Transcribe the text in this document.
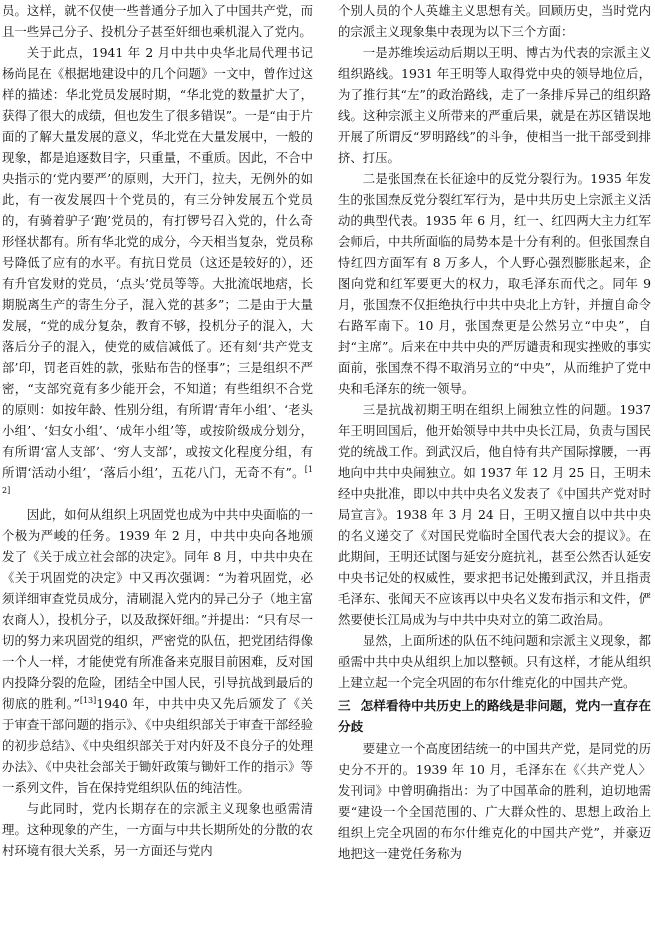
员。这样，就不仅使一些普通分子加入了中国共产党，而且一些异己分子、投机分子甚至奸细也乘机混入了党内。

关于此点，1941 年 2 月中共中央华北局代理书记杨尚昆在《根据地建设中的几个问题》一文中，曾作过这样的描述：华北党员发展时期，“华北党的数量扩大了，获得了很大的成绩，但也发生了很多错误”。一是“由于片面的了解大量发展的意义，华北党在大量发展中，一般的现象，都是追逐数目字，只重量，不重质。因此，不合中央指示的‘党内要严’的原则，大开门，拉夫，无例外的如此，有一夜发展四十个党员的，有三分钟发展五个党员的，有骑着驴子‘跑’党员的，有打锣号召入党的，什么奇形怪状都有。所有华北党的成分，今天相当复杂，党员称号降低了应有的水平。有抗日党员（这还是较好的），还有升官发财的党员，‘点头’党员等等。大批流氓地痞，长期脱离生产的寄生分子，混入党的甚多”；二是由于大量发展，“党的成分复杂，教育不够，投机分子的混入，大落后分子的混入，使党的威信减低了。还有刻‘共产党支部’印，罚老百姓的款，张贴布告的怪事”；三是组织不严密，“支部究竟有多少能开会，不知道；有些组织不合党的原则：如按年龄、性别分组，有所谓‘青年小组’、‘老头小组’、‘妇女小组’、‘成年小组’等，或按阶级成分划分，有所谓‘富人支部’、‘穷人支部’，或按文化程度分组，有所谓‘活动小组’，‘落后小组’，五花八门，无奇不有”。[12]

因此，如何从组织上巩固党也成为中共中央面临的一个极为严峻的任务。1939 年 2 月，中共中央向各地颁发了《关于成立社会部的决定》。同年 8 月，中共中央在《关于巩固党的决定》中又再次强调：“为着巩固党，必须详细审查党员成分，清刷混入党内的异己分子（地主富农商人），投机分子，以及敌探奸细。”并提出：“只有尽一切的努力来巩固党的组织，严密党的队伍，把党团结得像一个人一样，才能使党有所准备来克服目前困难，反对国内投降分裂的危险，团结全中国人民，引导抗战到最后的彻底的胜利。”[13]1940 年，中共中央又先后颁发了《关于审查干部问题的指示》、《中央组织部关于审查干部经验的初步总结》、《中央组织部关于对内奸及不良分子的处理办法》、《中央社会部关于锄奸政策与锄奸工作的指示》等一系列文件，旨在保持党组织队伍的纯洁性。

与此同时，党内长期存在的宗派主义现象也亟需清理。这种现象的产生，一方面与中共长期所处的分散的农村环境有很大关系，另一方面还与党内

个别人员的个人英雄主义思想有关。回顾历史，当时党内的宗派主义现象集中表现为以下三个方面：

一是苏维埃运动后期以王明、博古为代表的宗派主义组织路线。1931 年王明等人取得党中央的领导地位后，为了推行其“左”的政治路线，走了一条排斥异己的组织路线。这种宗派主义所带来的严重后果，就是在苏区错误地开展了所谓反“罗明路线”的斗争，使相当一批干部受到排挤、打压。

二是张国焘在长征途中的反党分裂行为。1935 年发生的张国焘反党分裂红军行为，是中共历史上宗派主义活动的典型代表。1935 年 6 月，红一、红四两大主力红军会师后，中共所面临的局势本是十分有利的。但张国焘自恃红四方面军有 8 万多人，个人野心强烈膨胀起来，企图向党和红军要更大的权力，取毛泽东而代之。同年 9 月，张国焘不仅拒绝执行中共中央北上方针，并擅自命令右路军南下。10 月，张国焘更是公然另立“中央”，自封“主席”。后来在中共中央的严厉谴责和现实挫败的事实面前，张国焘不得不取消另立的“中央”，从而维护了党中央和毛泽东的统一领导。

三是抗战初期王明在组织上闹独立性的问题。1937 年王明回国后，他开始领导中共中央长江局，负责与国民党的统战工作。到武汉后，他自恃有共产国际撑腰，一再地向中共中央闹独立。如 1937 年 12 月 25 日，王明未经中央批准，即以中共中央名义发表了《中国共产党对时局宣言》。1938 年 3 月 24 日，王明又擅自以中共中央的名义递交了《对国民党临时全国代表大会的提议》。在此期间，王明还试图与延安分庭抗礼，甚至公然否认延安中央书记处的权威性，要求把书记处搬到武汉，并且指责毛泽东、张闻天不应该再以中央名义发布指示和文件，俨然要使长江局成为与中共中央对立的第二政治局。

显然，上面所述的队伍不纯问题和宗派主义现象，都亟需中共中央从组织上加以整顿。只有这样，才能从组织上建立起一个完全巩固的布尔什维克化的中国共产党。

三 怎样看待中共历史上的路线是非问题，党内一直存在分歧

要建立一个高度团结统一的中国共产党，是同党的历史分不开的。1939 年 10 月，毛泽东在《〈共产党人〉发刊词》中曾明确指出：为了中国革命的胜利，迫切地需要“建设一个全国范围的、广大群众性的、思想上政治上组织上完全巩固的布尔什维克化的中国共产党”，并豪迈地把这一建党任务称为
